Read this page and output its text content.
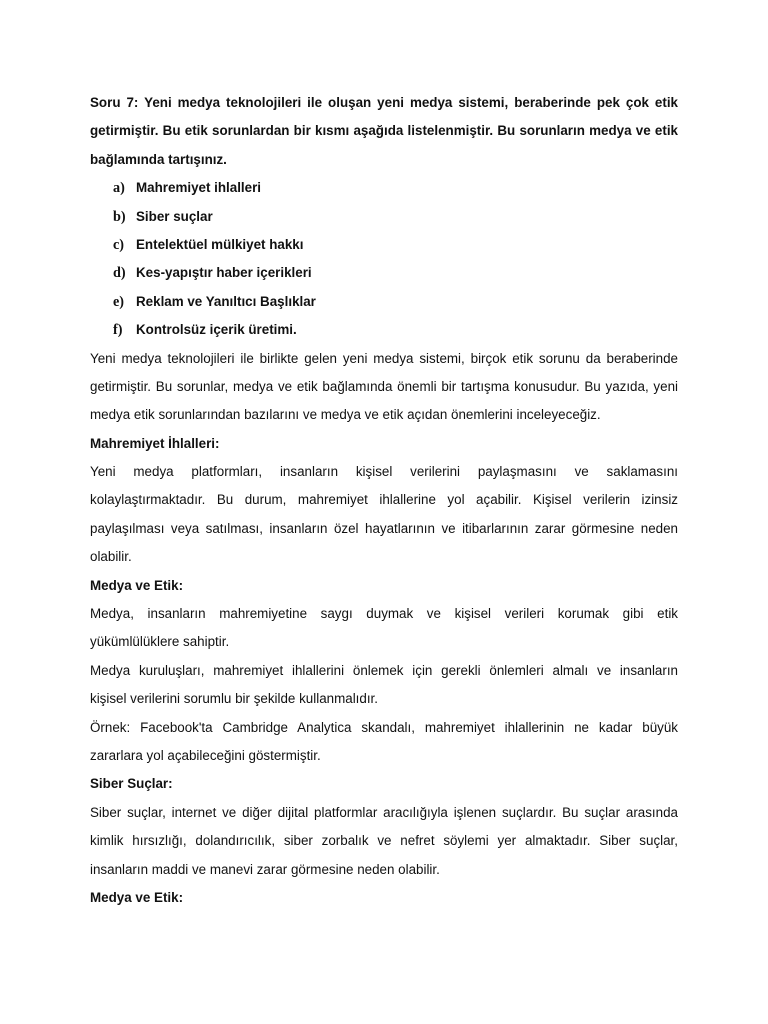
Soru 7: Yeni medya teknolojileri ile oluşan yeni medya sistemi, beraberinde pek çok etik
getirmiştir. Bu etik sorunlardan bir kısmı aşağıda listelenmiştir. Bu sorunların medya ve etik
bağlamında tartışınız.
a) Mahremiyet ihlalleri
b) Siber suçlar
c) Entelektüel mülkiyet hakkı
d) Kes-yapıştır haber içerikleri
e) Reklam ve Yanıltıcı Başlıklar
f)	Kontrolsüz içerik üretimi.
Yeni medya teknolojileri ile birlikte gelen yeni medya sistemi, birçok etik sorunu da beraberinde
getirmiştir. Bu sorunlar, medya ve etik bağlamında önemli bir tartışma konusudur. Bu yazıda, yeni
medya etik sorunlarından bazılarını ve medya ve etik açıdan önemlerini inceleyeceğiz.
Mahremiyet İhlalleri:
Yeni medya platformları, insanların kişisel verilerini paylaşmasını ve saklamasını
kolaylaştırmaktadır. Bu durum, mahremiyet ihlallerine yol açabilir. Kişisel verilerin izinsiz
paylaşılması veya satılması, insanların özel hayatlarının ve itibarlarının zarar görmesine neden
olabilir.
Medya ve Etik:
Medya, insanların mahremiyetine saygı duymak ve kişisel verileri korumak gibi etik
yükümlülüklere sahiptir.
Medya kuruluşları, mahremiyet ihlallerini önlemek için gerekli önlemleri almalı ve insanların
kişisel verilerini sorumlu bir şekilde kullanmalıdır.
Örnek: Facebook'ta Cambridge Analytica skandalı, mahremiyet ihlallerinin ne kadar büyük
zararlara yol açabileceğini göstermiştir.
Siber Suçlar:
Siber suçlar, internet ve diğer dijital platformlar aracılığıyla işlenen suçlardır. Bu suçlar arasında
kimlik hırsızlığı, dolandırıcılık, siber zorbalık ve nefret söylemi yer almaktadır. Siber suçlar,
insanların maddi ve manevi zarar görmesine neden olabilir.
Medya ve Etik:
